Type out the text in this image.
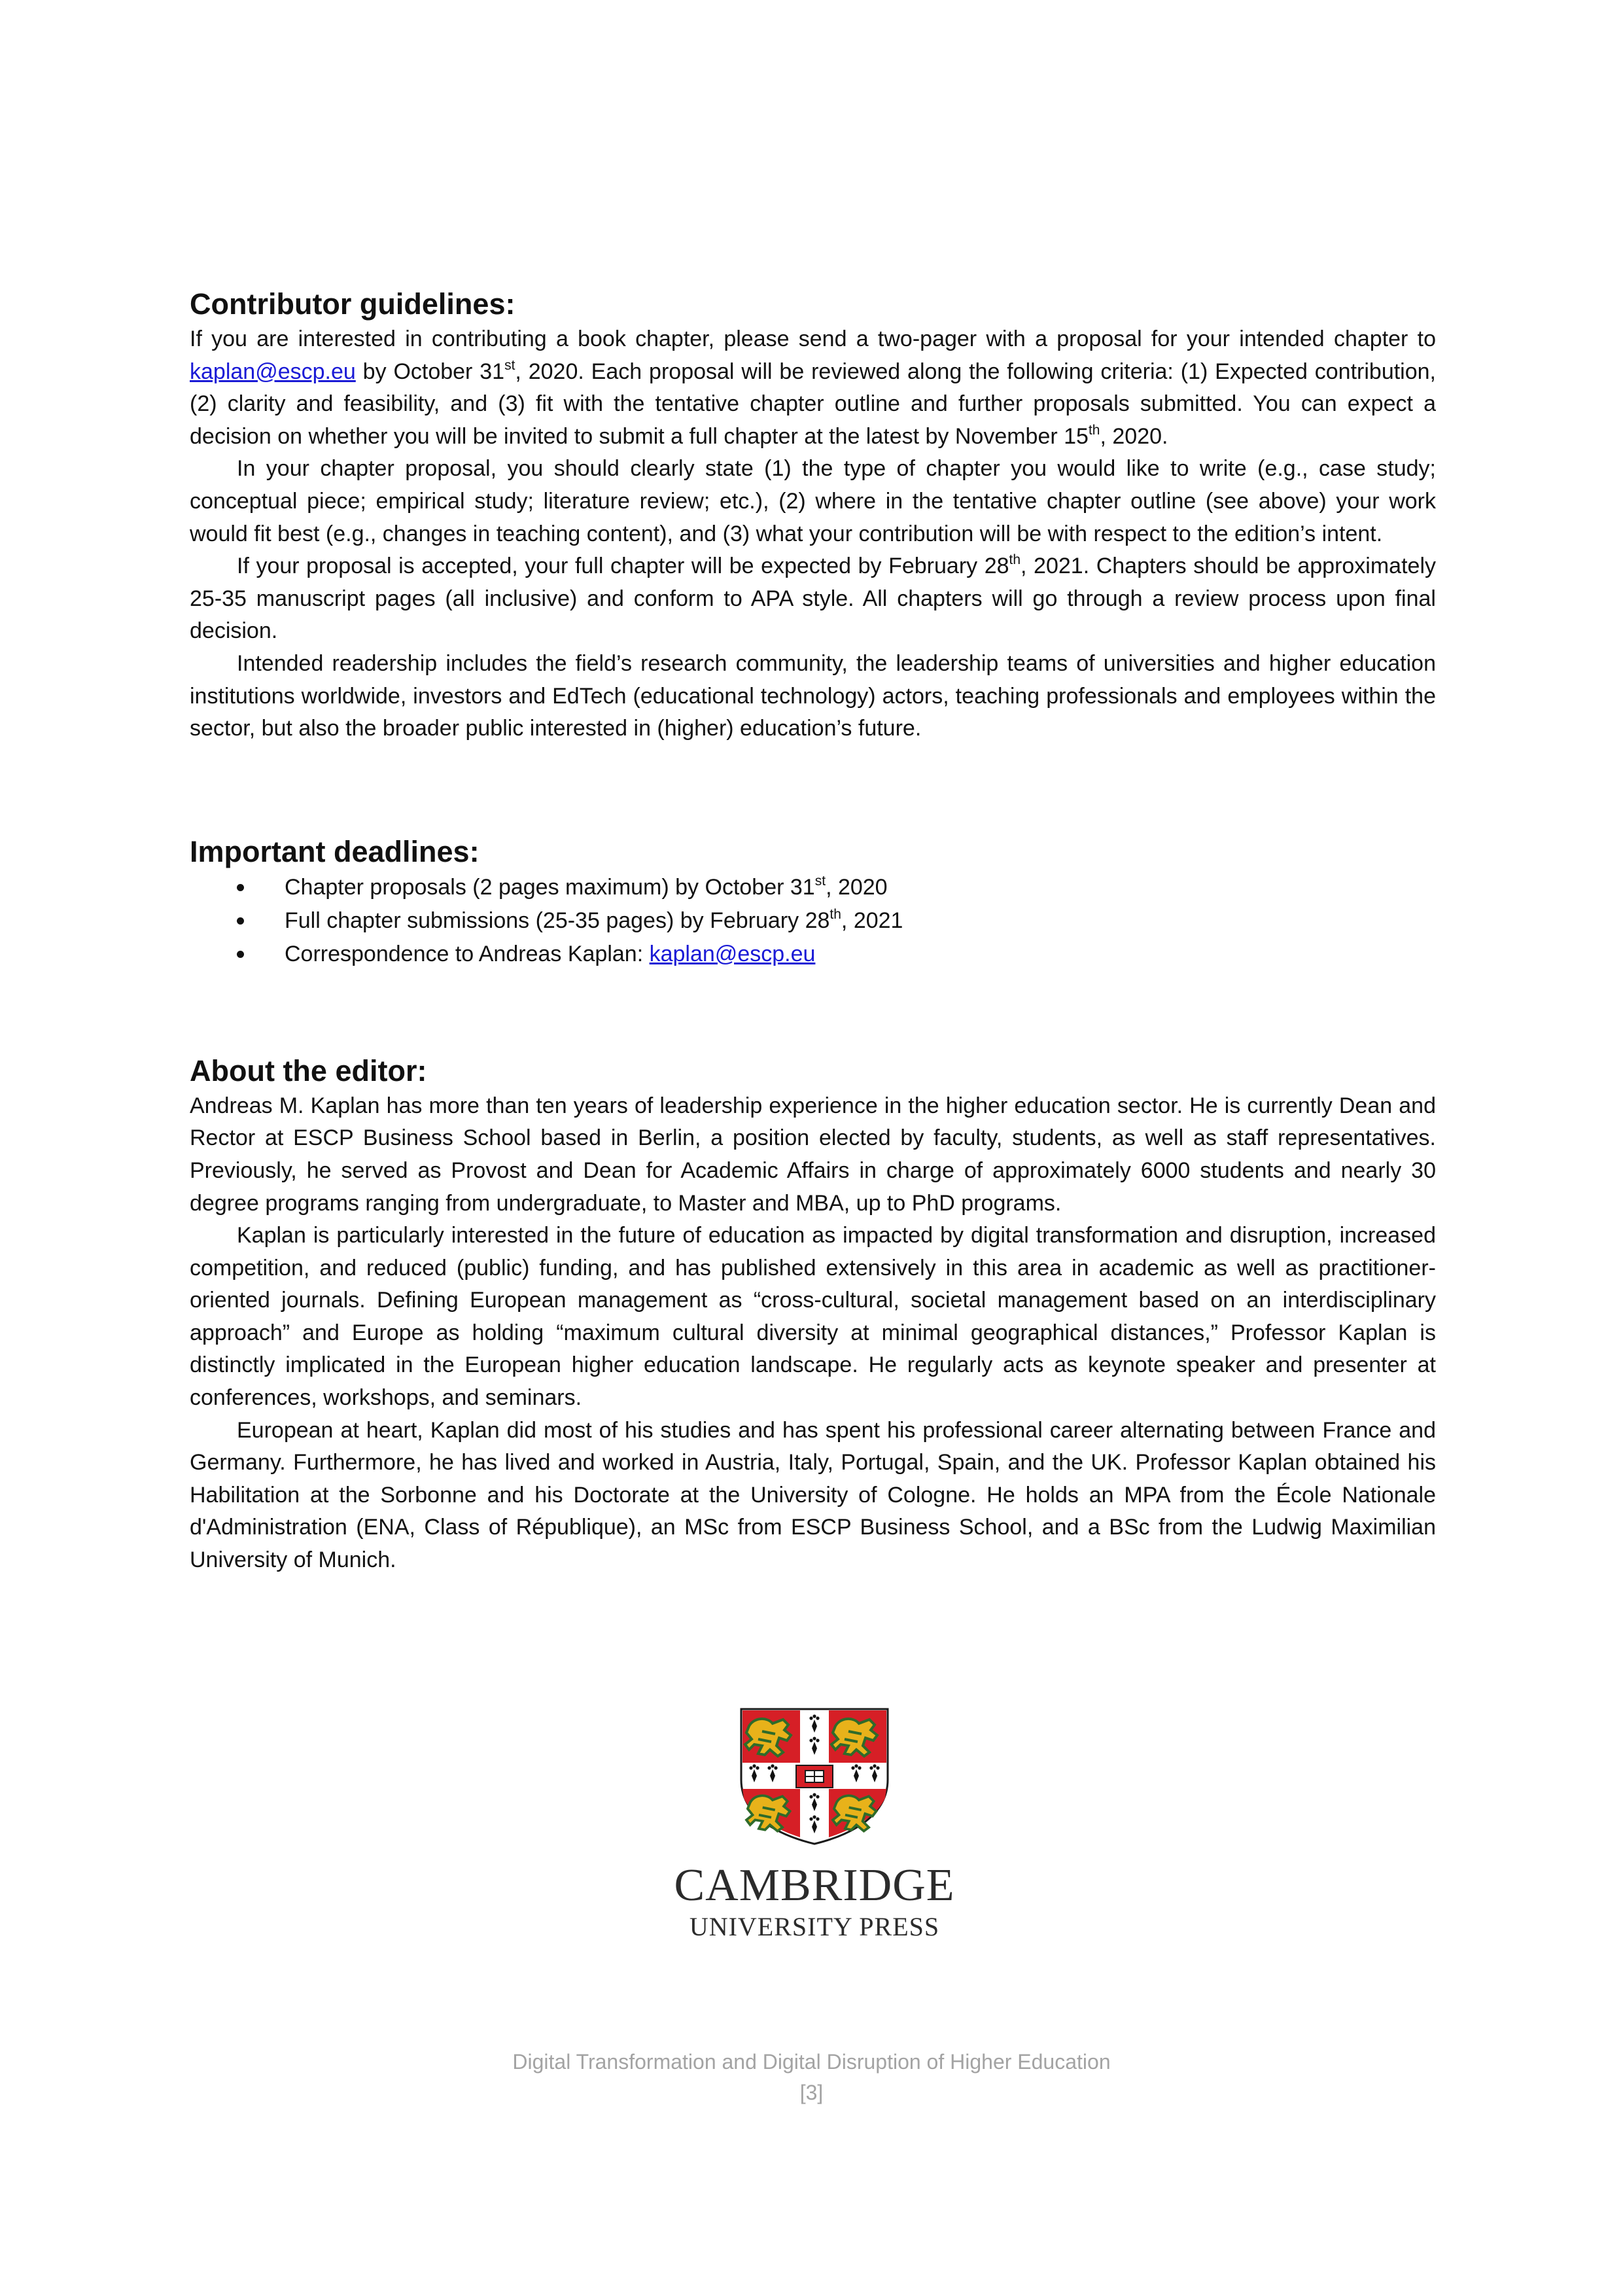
Contributor guidelines:

If you are interested in contributing a book chapter, please send a two-pager with a proposal for your intended chapter to kaplan@escp.eu by October 31st, 2020. Each proposal will be reviewed along the following criteria: (1) Expected contribution, (2) clarity and feasibility, and (3) fit with the tentative chapter outline and further proposals submitted. You can expect a decision on whether you will be invited to submit a full chapter at the latest by November 15th, 2020.

In your chapter proposal, you should clearly state (1) the type of chapter you would like to write (e.g., case study; conceptual piece; empirical study; literature review; etc.), (2) where in the tentative chapter outline (see above) your work would fit best (e.g., changes in teaching content), and (3) what your contribution will be with respect to the edition’s intent.

If your proposal is accepted, your full chapter will be expected by February 28th, 2021. Chapters should be approximately 25-35 manuscript pages (all inclusive) and conform to APA style. All chapters will go through a review process upon final decision.

Intended readership includes the field’s research community, the leadership teams of universities and higher education institutions worldwide, investors and EdTech (educational technology) actors, teaching professionals and employees within the sector, but also the broader public interested in (higher) education’s future.

Important deadlines:
Chapter proposals (2 pages maximum) by October 31st, 2020
Full chapter submissions (25-35 pages) by February 28th, 2021
Correspondence to Andreas Kaplan: kaplan@escp.eu
About the editor:

Andreas M. Kaplan has more than ten years of leadership experience in the higher education sector. He is currently Dean and Rector at ESCP Business School based in Berlin, a position elected by faculty, students, as well as staff representatives. Previously, he served as Provost and Dean for Academic Affairs in charge of approximately 6000 students and nearly 30 degree programs ranging from undergraduate, to Master and MBA, up to PhD programs.

Kaplan is particularly interested in the future of education as impacted by digital transformation and disruption, increased competition, and reduced (public) funding, and has published extensively in this area in academic as well as practitioner-oriented journals. Defining European management as “cross-cultural, societal management based on an interdisciplinary approach” and Europe as holding “maximum cultural diversity at minimal geographical distances,” Professor Kaplan is distinctly implicated in the European higher education landscape. He regularly acts as keynote speaker and presenter at conferences, workshops, and seminars.

European at heart, Kaplan did most of his studies and has spent his professional career alternating between France and Germany. Furthermore, he has lived and worked in Austria, Italy, Portugal, Spain, and the UK. Professor Kaplan obtained his Habilitation at the Sorbonne and his Doctorate at the University of Cologne. He holds an MPA from the École Nationale d'Administration (ENA, Class of République), an MSc from ESCP Business School, and a BSc from the Ludwig Maximilian University of Munich.

CAMBRIDGE
UNIVERSITY PRESS
Digital Transformation and Digital Disruption of Higher Education
[3]
